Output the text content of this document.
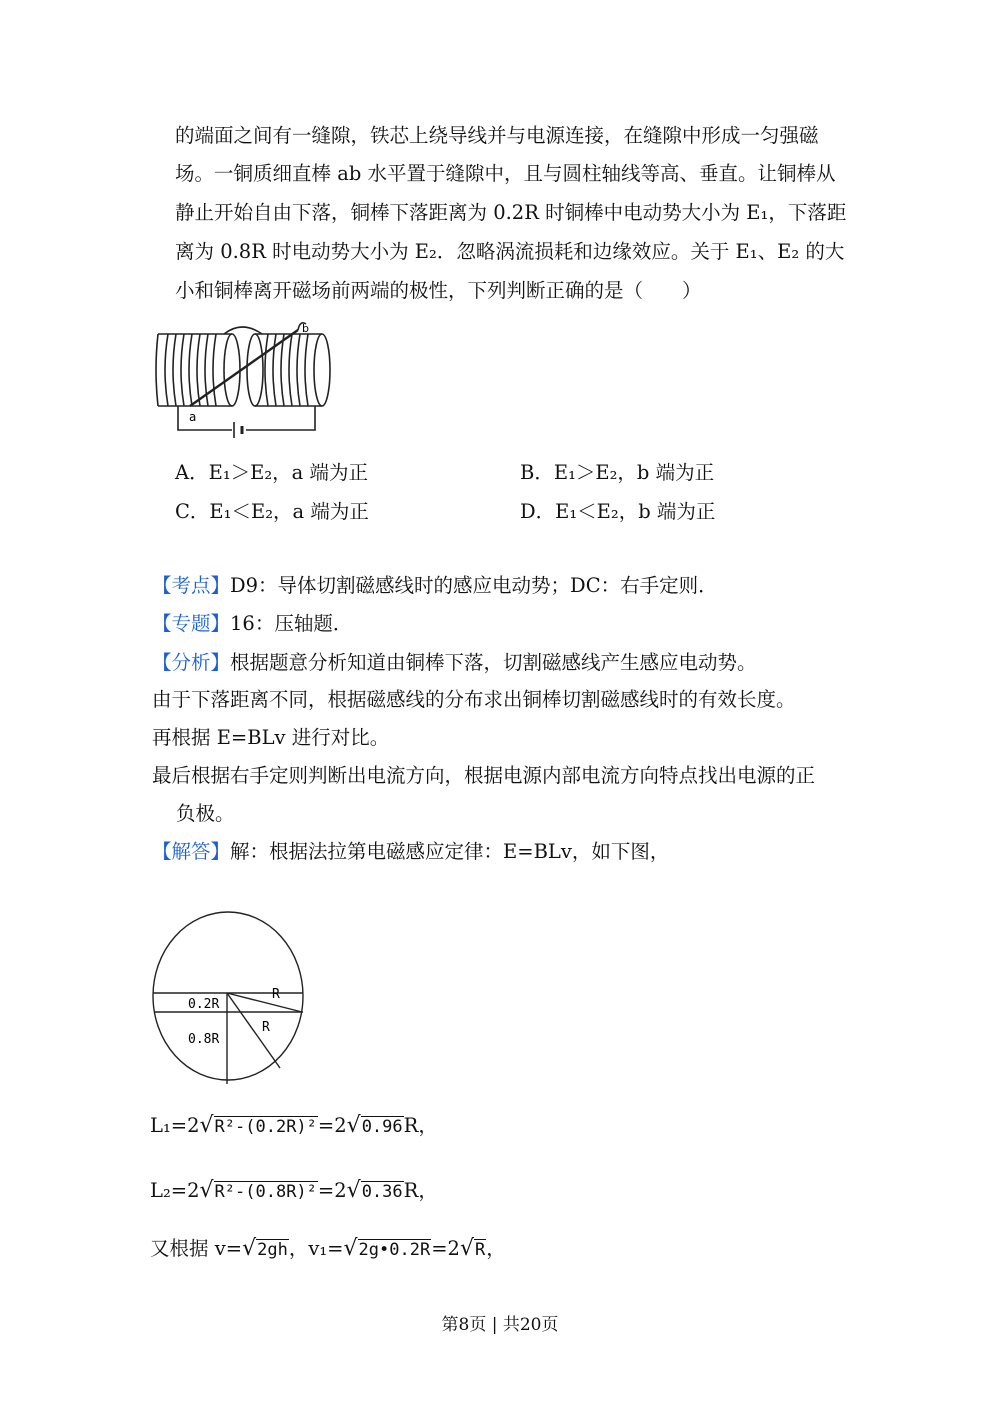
的端面之间有一缝隙，铁芯上绕导线并与电源连接，在缝隙中形成一匀强磁
场。一铜质细直棒 ab 水平置于缝隙中，且与圆柱轴线等高、垂直。让铜棒从
静止开始自由下落，铜棒下落距离为 0.2R 时铜棒中电动势大小为 E₁，下落距
离为 0.8R 时电动势大小为 E₂．忽略涡流损耗和边缘效应。关于 E₁、E₂ 的大
小和铜棒离开磁场前两端的极性，下列判断正确的是（　　）
a
b
A．E₁＞E₂，a 端为正	B．E₁＞E₂，b 端为正
C．E₁＜E₂，a 端为正	D．E₁＜E₂，b 端为正
【考点】D9：导体切割磁感线时的感应电动势；DC：右手定则．
【专题】16：压轴题．
【分析】根据题意分析知道由铜棒下落，切割磁感线产生感应电动势。
由于下落距离不同，根据磁感线的分布求出铜棒切割磁感线时的有效长度。
再根据 E=BLv 进行对比。
最后根据右手定则判断出电流方向，根据电源内部电流方向特点找出电源的正
负极。
【解答】解：根据法拉第电磁感应定律：E=BLv，如下图，
0.2R
0.8R
R
R
L₁=2√R²-(0.2R)²=2√0.96R，
L₂=2√R²-(0.8R)²=2√0.36R，
又根据 v=√2gh，v₁=√2g•0.2R=2√R，
第8页 | 共20页
